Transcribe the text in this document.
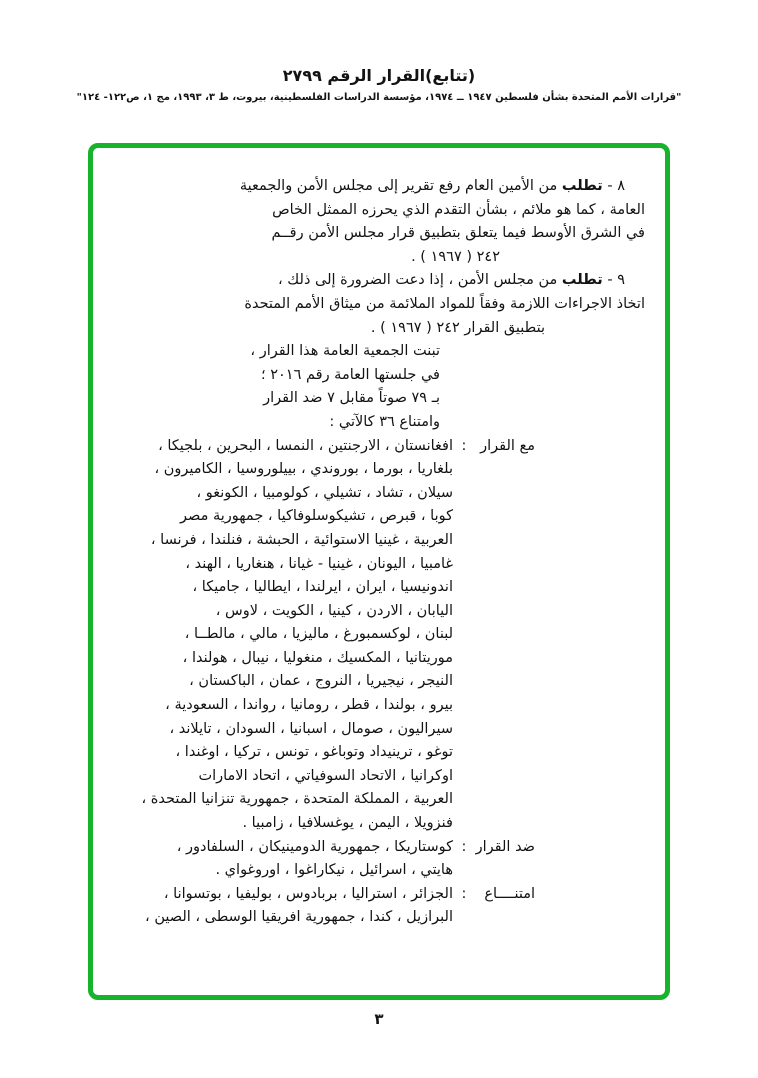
(تتابع)القرار الرقم ٢٧٩٩
"قرارات الأمم المتحدة بشأن فلسطين ١٩٤٧ ــ ١٩٧٤، مؤسسة الدراسات الفلسطينية، بيروت، ط ٣، ١٩٩٣، مج ١، ص١٢٢- ١٢٤"
٨ - تطلب من الأمين العام رفع تقرير إلى مجلس الأمن والجمعية
العامة ، كما هو ملائم ، بشأن التقدم الذي يحرزه الممثل الخاص
في الشرق الأوسط فيما يتعلق بتطبيق قرار مجلس الأمن رقــم
٢٤٢ ( ١٩٦٧ ) .
٩ - تطلب من مجلس الأمن ، إذا دعت الضرورة إلى ذلك ،
اتخاذ الاجراءات اللازمة وفقاً للمواد الملائمة من ميثاق الأمم المتحدة
بتطبيق القرار ٢٤٢ ( ١٩٦٧ ) .
تبنت الجمعية العامة هذا القرار ،
في جلستها العامة رقم ٢٠١٦ ؛
بـ ٧٩ صوتاً مقابل ٧ ضد القرار
وامتناع ٣٦ كالآتي :
مع القرار
:
افغانستان ، الارجنتين ، النمسا ، البحرين ، بلجيكا ،
بلغاريا ، بورما ، بوروندي ، بييلوروسيا ، الكاميرون ،
سيلان ، تشاد ، تشيلي ، كولومبيا ، الكونغو ،
كوبا ، قبرص ، تشيكوسلوفاكيا ، جمهورية مصر
العربية ، غينيا الاستوائية ، الحبشة ، فنلندا ، فرنسا ،
غامبيا ، اليونان ، غينيا - غيانا ، هنغاريا ، الهند ،
اندونيسيا ، ايران ، ايرلندا ، ايطاليا ، جاميكا ،
اليابان ، الاردن ، كينيا ، الكويت ، لاوس ،
لبنان ، لوكسمبورغ ، ماليزيا ، مالي ، مالطــا ،
موريتانيا ، المكسيك ، منغوليا ، نيبال ، هولندا ،
النيجر ، نيجيريا ، النروج ، عمان ، الباكستان ،
بيرو ، بولندا ، قطر ، رومانيا ، رواندا ، السعودية ،
سيراليون ، صومال ، اسبانيا ، السودان ، تايلاند ،
توغو ، ترينيداد وتوباغو ، تونس ، تركيا ، اوغندا ،
اوكرانيا ، الاتحاد السوفياتي ، اتحاد الامارات
العربية ، المملكة المتحدة ، جمهورية تنزانيا المتحدة ،
فنزويلا ، اليمن ، يوغسلافيا ، زامبيا .
ضد القرار
:
كوستاريكا ، جمهورية الدومينيكان ، السلفادور ،
هايتي ، اسرائيل ، نيكاراغوا ، اوروغواي .
امتنــــاع
:
الجزائر ، استراليا ، بربادوس ، بوليفيا ، بوتسوانا ،
البرازيل ، كندا ، جمهورية افريقيا الوسطى ، الصين ،
٣
